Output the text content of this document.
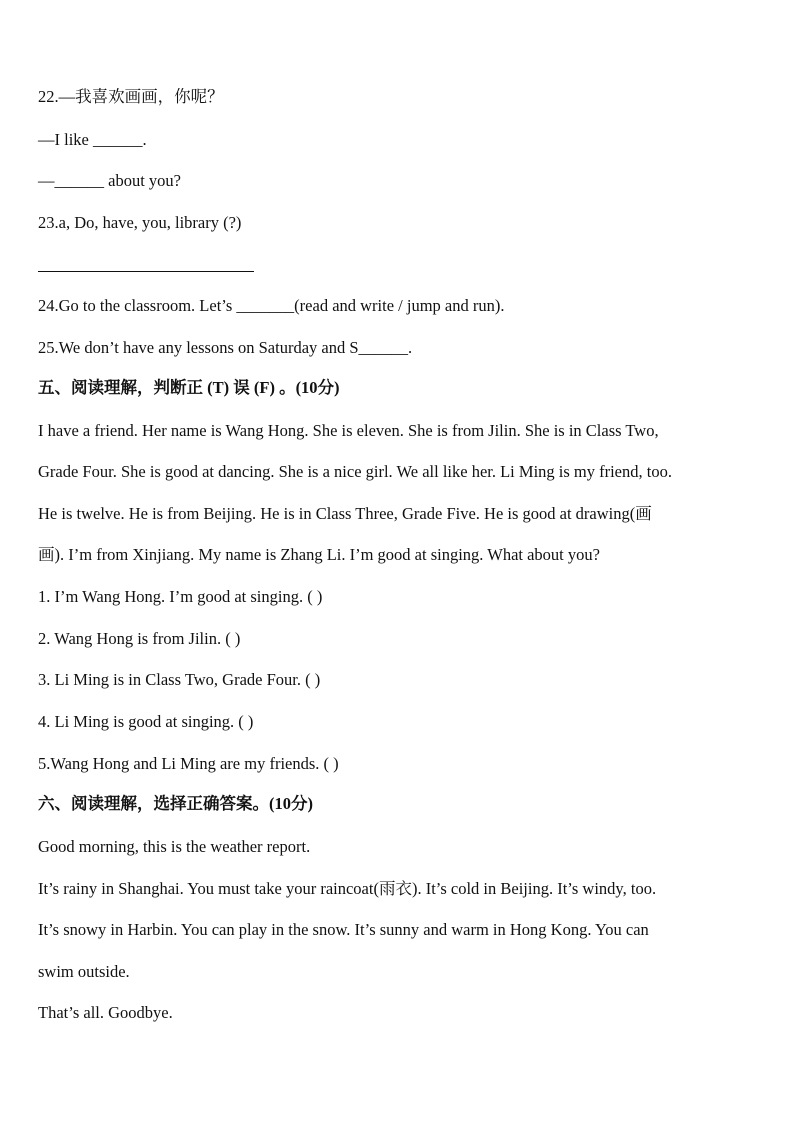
22.—我喜欢画画，你呢？
—I like ______.
—______ about you?
23.a, Do, have, you, library (?)
24.Go to the classroom. Let’s _______(read and write / jump and run).
25.We don’t have any lessons on Saturday and S______.
五、阅读理解，判断正 (T) 误 (F) 。(10分)
I have a friend. Her name is Wang Hong. She is eleven. She is from Jilin. She is in Class Two,
Grade Four. She is good at dancing. She is a nice girl. We all like her. Li Ming is my friend, too.
He is twelve. He is from Beijing. He is in Class Three, Grade Five. He is good at drawing(画
画). I’m from Xinjiang. My name is Zhang Li. I’m good at singing. What about you?
1. I’m Wang Hong. I’m good at singing. ( )
2. Wang Hong is from Jilin. ( )
3. Li Ming is in Class Two, Grade Four. ( )
4. Li Ming is good at singing. ( )
5.Wang Hong and Li Ming are my friends. ( )
六、阅读理解，选择正确答案。(10分)
Good morning, this is the weather report.
It’s rainy in Shanghai. You must take your raincoat(雨衣). It’s cold in Beijing. It’s windy, too.
It’s snowy in Harbin. You can play in the snow. It’s sunny and warm in Hong Kong. You can
swim outside.
That’s all. Goodbye.
